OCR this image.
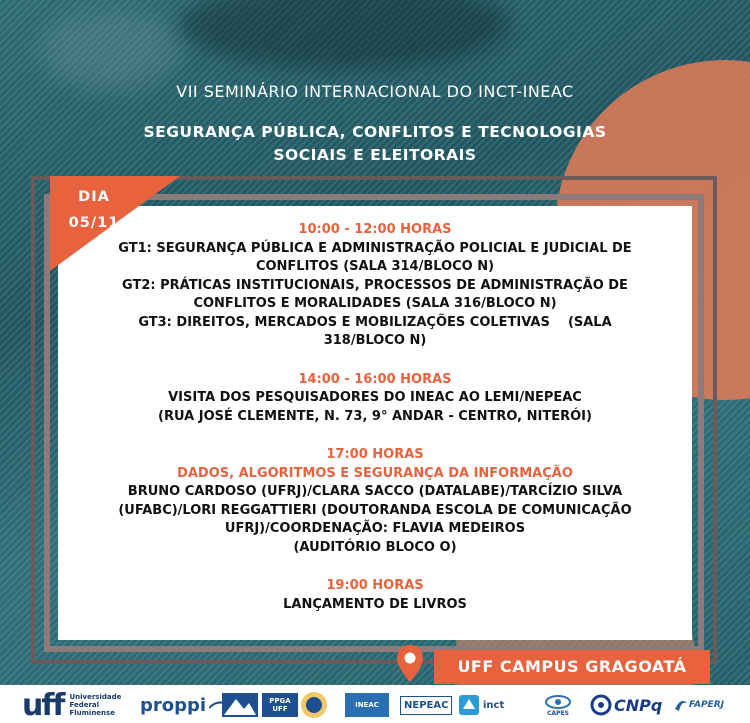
VII SEMINÁRIO INTERNACIONAL DO INCT-INEAC
SEGURANÇA PÚBLICA, CONFLITOS E TECNOLOGIAS
SOCIAIS E ELEITORAIS
DIA
05/11	10:00 - 12:00 HORAS
GT1: SEGURANÇA PÚBLICA E ADMINISTRAÇÃO POLICIAL E JUDICIAL DE
CONFLITOS (SALA 314/BLOCO N)
GT2: PRÁTICAS INSTITUCIONAIS, PROCESSOS DE ADMINISTRAÇÃO DE
CONFLITOS E MORALIDADES (SALA 316/BLOCO N)
GT3: DIREITOS, MERCADOS E MOBILIZAÇÕES COLETIVAS    (SALA
318/BLOCO N)
14:00 - 16:00 HORAS
VISITA DOS PESQUISADORES DO INEAC AO LEMI/NEPEAC
(RUA JOSÉ CLEMENTE, N. 73, 9° ANDAR - CENTRO, NITERÓI)
17:00 HORAS
DADOS, ALGORITMOS E SEGURANÇA DA INFORMAÇÃO
BRUNO CARDOSO (UFRJ)/CLARA SACCO (DATALABE)/TARCÍZIO SILVA
(UFABC)/LORI REGGATTIERI (DOUTORANDA ESCOLA DE COMUNICAÇÃO
UFRJ)/COORDENAÇÃO: FLAVIA MEDEIROS
(AUDITÓRIO BLOCO O)
19:00 HORAS
LANÇAMENTO DE LIVROS
UFF CAMPUS GRAGOATÁ
uff Universidade
Federal
Fluminense	proppi	PPGA
UFF	INEAC	NEPEAC	inct
CAPES	CNPq	FAPERJ
